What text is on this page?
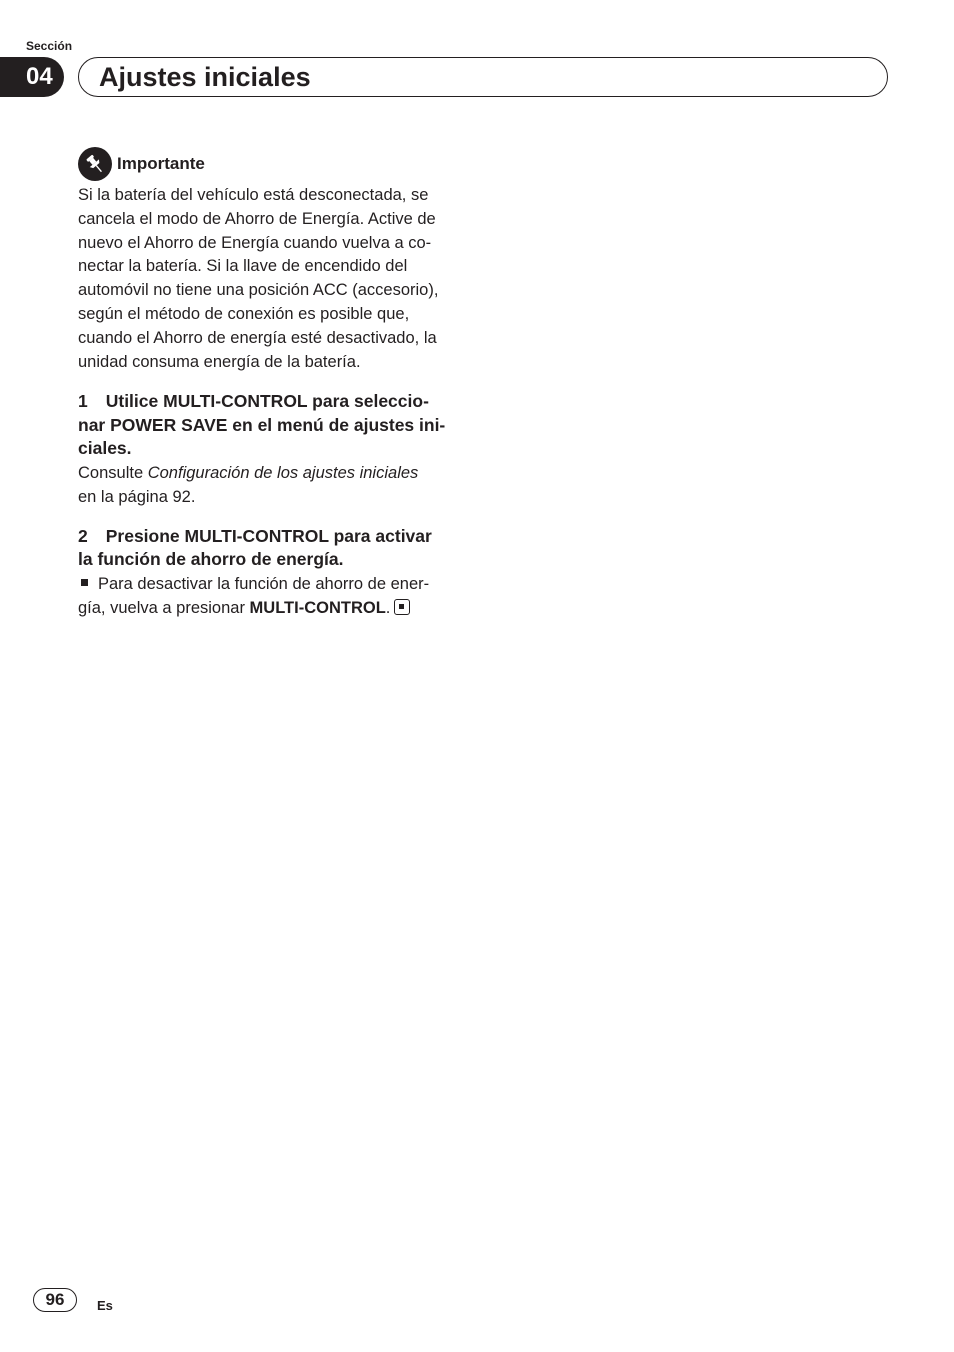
Sección
04	Ajustes iniciales
Importante

Si la batería del vehículo está desconectada, se
cancela el modo de Ahorro de Energía. Active de
nuevo el Ahorro de Energía cuando vuelva a co-
nectar la batería. Si la llave de encendido del
automóvil no tiene una posición ACC (accesorio),
según el método de conexión es posible que,
cuando el Ahorro de energía esté desactivado, la
unidad consuma energía de la batería.

1 Utilice MULTI-CONTROL para seleccio-
nar POWER SAVE en el menú de ajustes ini-
ciales.

Consulte Configuración de los ajustes iniciales
en la página 92.

2 Presione MULTI-CONTROL para activar
la función de ahorro de energía.

Para desactivar la función de ahorro de ener-
gía, vuelva a presionar MULTI-CONTROL.

96	Es
